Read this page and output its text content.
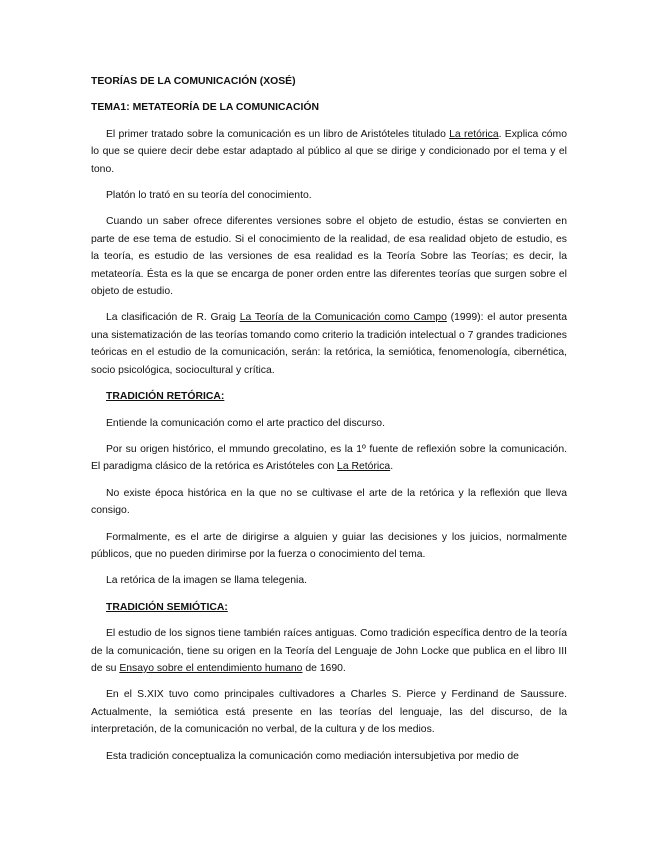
TEORÍAS DE LA COMUNICACIÓN (XOSÉ)
TEMA1: METATEORÍA DE LA COMUNICACIÓN

El primer tratado sobre la comunicación es un libro de Aristóteles titulado La retórica. Explica cómo lo que se quiere decir debe estar adaptado al público al que se dirige y condicionado por el tema y el tono.

Platón lo trató en su teoría del conocimiento.

Cuando un saber ofrece diferentes versiones sobre el objeto de estudio, éstas se convierten en parte de ese tema de estudio. Si el conocimiento de la realidad, de esa realidad objeto de estudio, es la teoría, es estudio de las versiones de esa realidad es la Teoría Sobre las Teorías; es decir, la metateoría. Ésta es la que se encarga de poner orden entre las diferentes teorías que surgen sobre el objeto de estudio.

La clasificación de R. Graig La Teoría de la Comunicación como Campo (1999): el autor presenta una sistematización de las teorías tomando como criterio la tradición intelectual o 7 grandes tradiciones teóricas en el estudio de la comunicación, serán: la retórica, la semiótica, fenomenología, cibernética, socio psicológica, sociocultural y crítica.

TRADICIÓN RETÓRICA:

Entiende la comunicación como el arte practico del discurso.

Por su origen histórico, el mmundo grecolatino, es la 1º fuente de reflexión sobre la comunicación. El paradigma clásico de la retórica es Aristóteles con La Retórica.

No existe época histórica en la que no se cultivase el arte de la retórica y la reflexión que lleva consigo.

Formalmente, es el arte de dirigirse a alguien y guiar las decisiones y los juicios, normalmente públicos, que no pueden dirimirse por la fuerza o conocimiento del tema.

La retórica de la imagen se llama telegenia.

TRADICIÓN SEMIÓTICA:

El estudio de los signos tiene también raíces antiguas. Como tradición específica dentro de la teoría de la comunicación, tiene su origen en la Teoría del Lenguaje de John Locke que publica en el libro III de su Ensayo sobre el entendimiento humano de 1690.

En el S.XIX tuvo como principales cultivadores a Charles S. Pierce y Ferdinand de Saussure. Actualmente, la semiótica está presente en las teorías del lenguaje, las del discurso, de la interpretación, de la comunicación no verbal, de la cultura y de los medios.

Esta tradición conceptualiza la comunicación como mediación intersubjetiva por medio de
